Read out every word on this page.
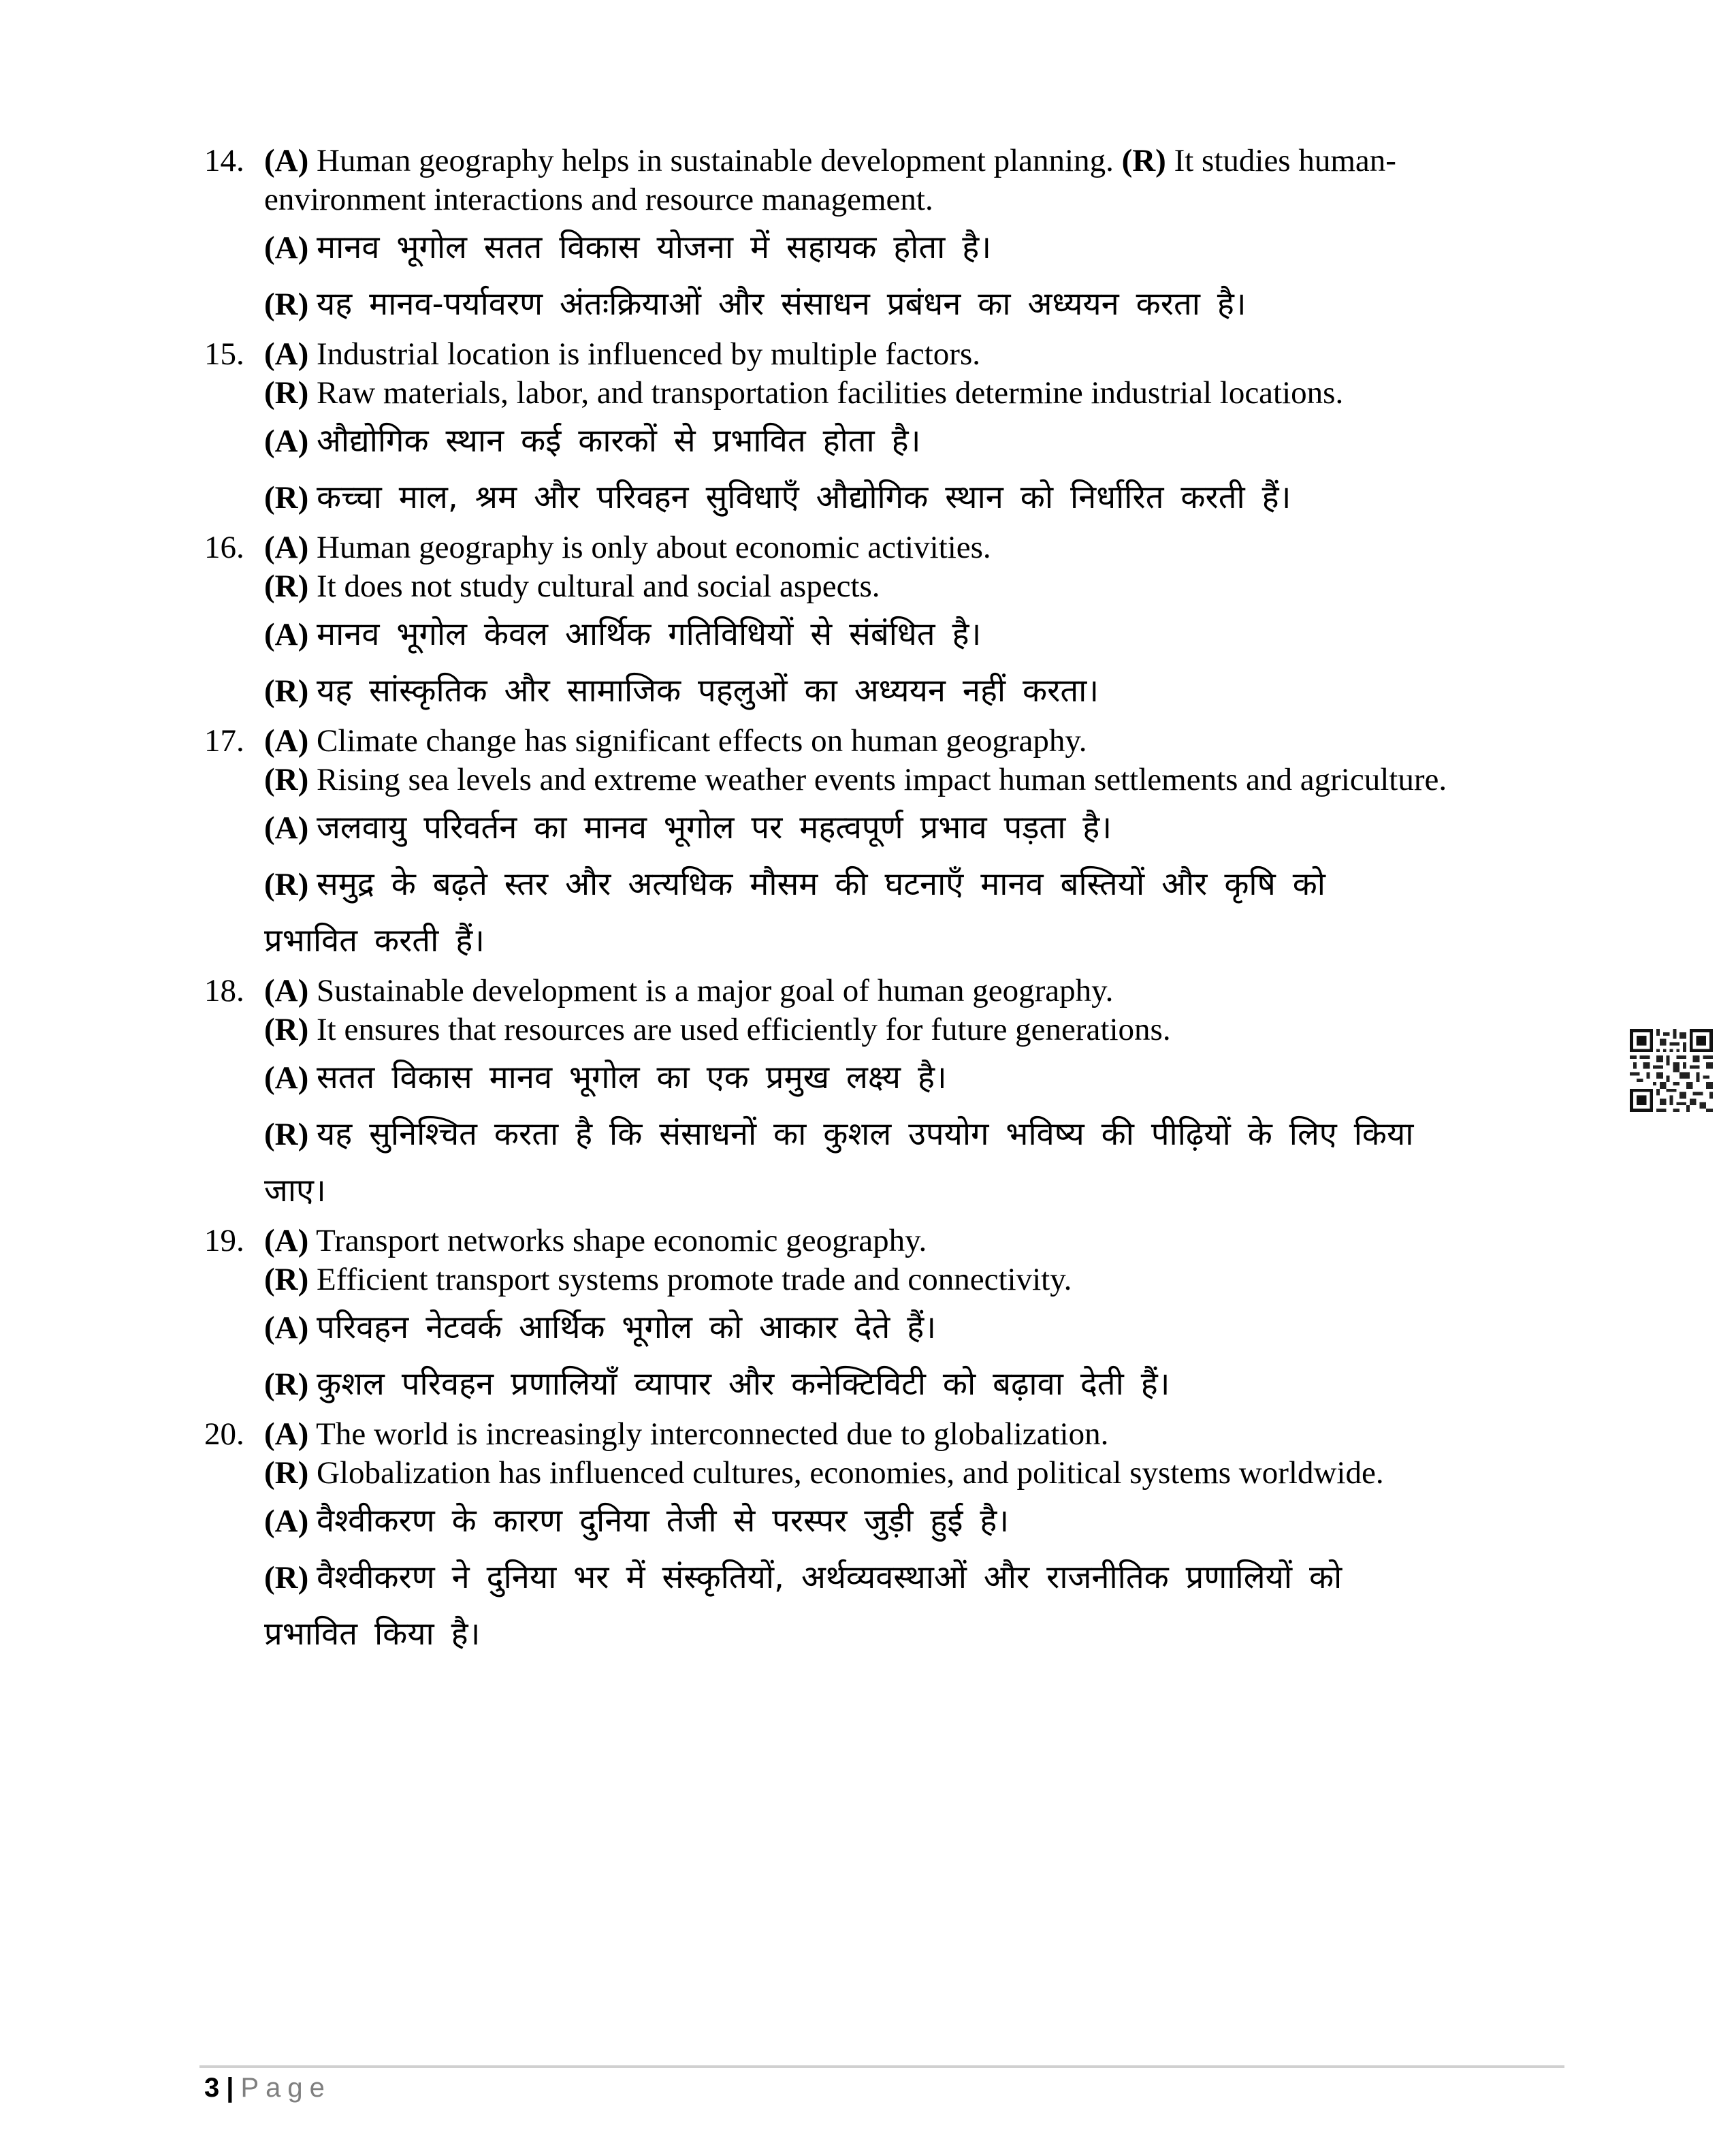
14. (A) Human geography helps in sustainable development planning. (R) It studies human-
environment interactions and resource management.
(A) मानव भूगोल सतत विकास योजना में सहायक होता है।
(R) यह मानव-पर्यावरण अंतःक्रियाओं और संसाधन प्रबंधन का अध्ययन करता है।
15. (A) Industrial location is influenced by multiple factors.
(R) Raw materials, labor, and transportation facilities determine industrial locations.
(A) औद्योगिक स्थान कई कारकों से प्रभावित होता है।
(R) कच्चा माल, श्रम और परिवहन सुविधाएँ औद्योगिक स्थान को निर्धारित करती हैं।
16. (A) Human geography is only about economic activities.
(R) It does not study cultural and social aspects.
(A) मानव भूगोल केवल आर्थिक गतिविधियों से संबंधित है।
(R) यह सांस्कृतिक और सामाजिक पहलुओं का अध्ययन नहीं करता।
17. (A) Climate change has significant effects on human geography.
(R) Rising sea levels and extreme weather events impact human settlements and agriculture.
(A) जलवायु परिवर्तन का मानव भूगोल पर महत्वपूर्ण प्रभाव पड़ता है।
(R) समुद्र के बढ़ते स्तर और अत्यधिक मौसम की घटनाएँ मानव बस्तियों और कृषि को
प्रभावित करती हैं।
18. (A) Sustainable development is a major goal of human geography.
(R) It ensures that resources are used efficiently for future generations.
(A) सतत विकास मानव भूगोल का एक प्रमुख लक्ष्य है।
(R) यह सुनिश्चित करता है कि संसाधनों का कुशल उपयोग भविष्य की पीढ़ियों के लिए किया
जाए।
19. (A) Transport networks shape economic geography.
(R) Efficient transport systems promote trade and connectivity.
(A) परिवहन नेटवर्क आर्थिक भूगोल को आकार देते हैं।
(R) कुशल परिवहन प्रणालियाँ व्यापार और कनेक्टिविटी को बढ़ावा देती हैं।
20. (A) The world is increasingly interconnected due to globalization.
(R) Globalization has influenced cultures, economies, and political systems worldwide.
(A) वैश्वीकरण के कारण दुनिया तेजी से परस्पर जुड़ी हुई है।
(R) वैश्वीकरण ने दुनिया भर में संस्कृतियों, अर्थव्यवस्थाओं और राजनीतिक प्रणालियों को
प्रभावित किया है।
3 | Page
